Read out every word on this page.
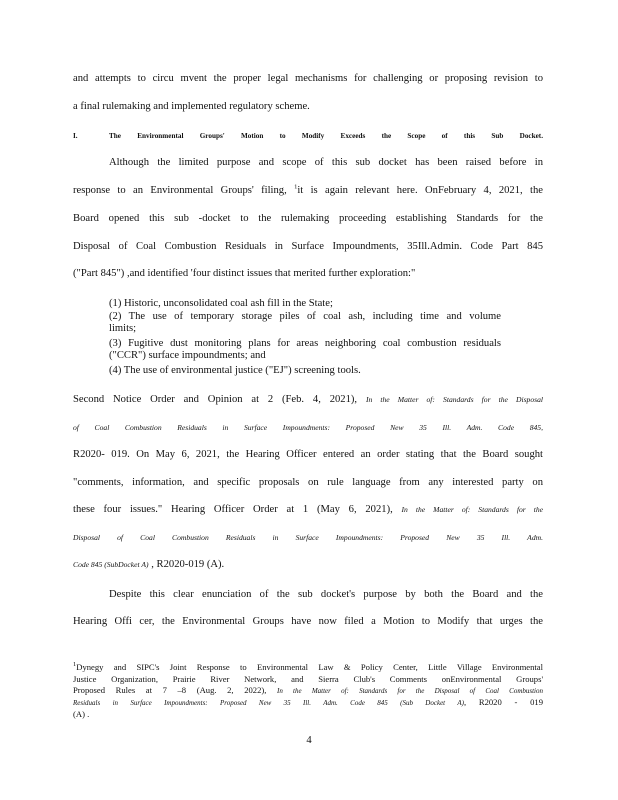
and attempts to circu mvent the proper legal mechanisms for challenging or proposing revision to
a final rulemaking and implemented regulatory scheme.
I.	The Environmental Groups' Motion to Modify Exceeds the Scope of this Sub Docket.
Although the limited purpose and scope of this sub docket has been raised before in
response to an Environmental Groups' filing, $^1$it is again relevant here. OnFebruary 4, 2021, the
Board opened this sub -docket to the rulemaking proceeding establishing Standards for the
Disposal of Coal Combustion Residuals in Surface Impoundments, 35Ill.Admin. Code Part 845
("Part 845") ,and identified 'four distinct issues that merited further exploration:"
(1) Historic, unconsolidated coal ash fill in the State;
(2) The use of temporary storage piles of coal ash, including time and volume
limits;
(3) Fugitive dust monitoring plans for areas neighboring coal combustion residuals
("CCR") surface impoundments; and
(4) The use of environmental justice ("EJ") screening tools.
Second Notice Order and Opinion at 2 (Feb. 4, 2021), In the Matter of: Standards for the Disposal
of Coal Combustion Residuals in Surface Impoundments: Proposed New 35 Ill. Adm. Code 845,
R2020- 019. On May 6, 2021, the Hearing Officer entered an order stating that the Board sought
"comments, information, and specific proposals on rule language from any interested party on
these four issues." Hearing Officer Order at 1 (May 6, 2021), In the Matter of: Standards for the
Disposal of Coal Combustion Residuals in Surface Impoundments: Proposed New 35 Ill. Adm.
Code 845 (SubDocket A) , R2020-019 (A).
Despite this clear enunciation of the sub docket's purpose by both the Board and the
Hearing Offi cer, the Environmental Groups have now filed a Motion to Modify that urges the
$^1$Dynegy and SIPC's Joint Response to Environmental Law & Policy Center, Little Village Environmental
Justice Organization, Prairie River Network, and Sierra Club's Comments onEnvironmental Groups'
Proposed Rules at 7 –8 (Aug. 2, 2022), In the Matter of: Standards for the Disposal of Coal Combustion
Residuals in Surface Impoundments: Proposed New 35 Ill. Adm. Code 845 (Sub Docket A), R2020 - 019
(A) .
4
